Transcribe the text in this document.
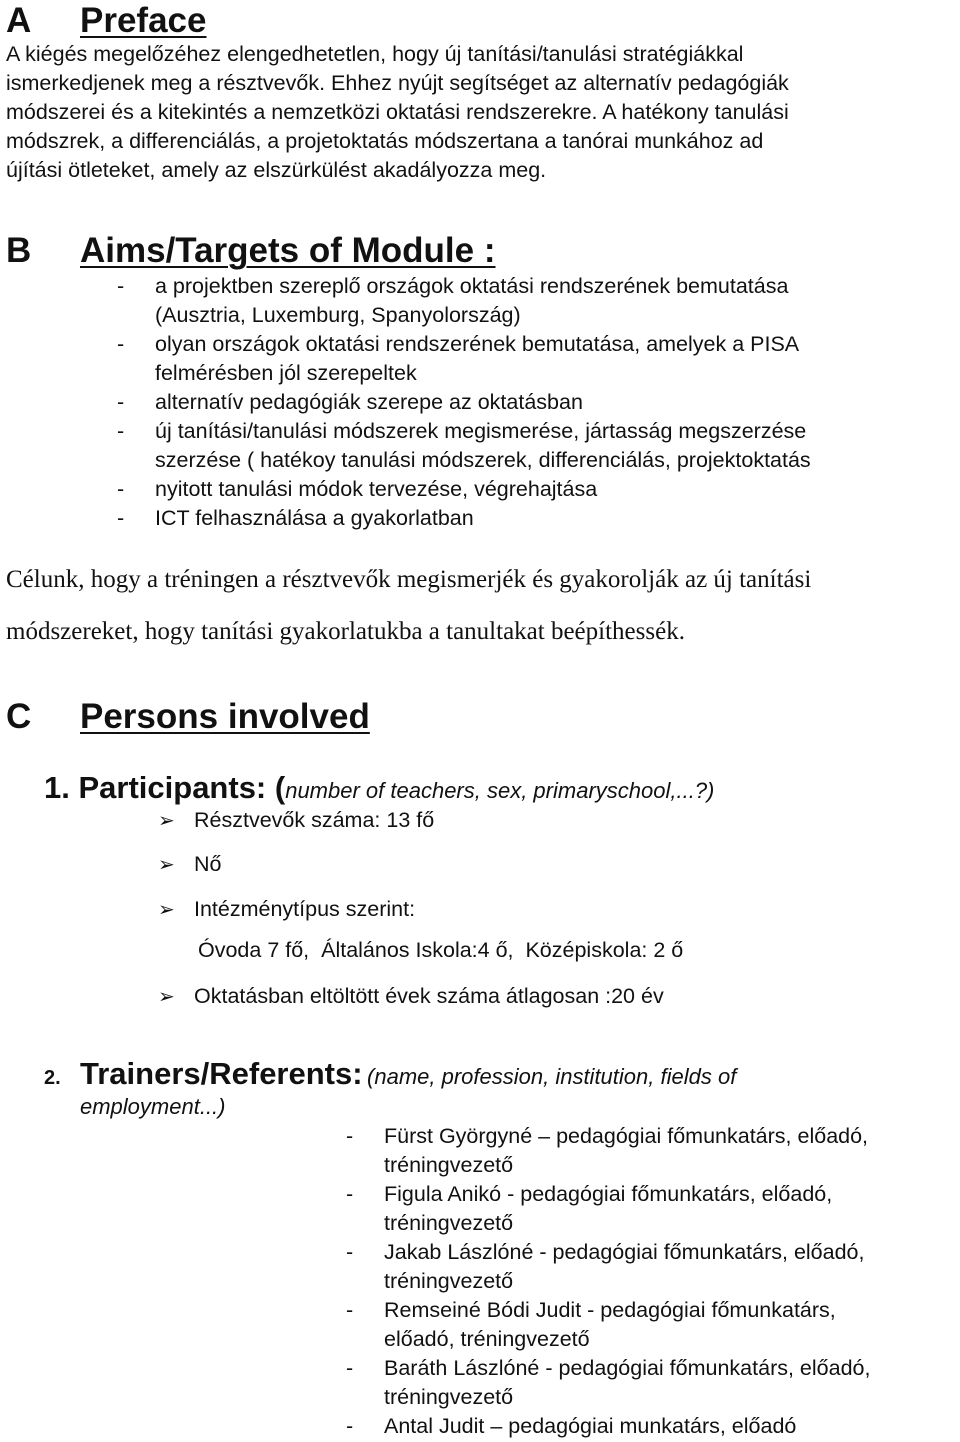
A Preface
A kiégés megelőzéhez elengedhetetlen, hogy új tanítási/tanulási stratégiákkal
ismerkedjenek meg a résztvevők. Ehhez nyújt segítséget az alternatív pedagógiák
módszerei és a kitekintés a nemzetközi oktatási rendszerekre. A hatékony tanulási
módszrek, a differenciálás, a projetoktatás módszertana a tanórai munkához ad
újítási ötleteket, amely az elszürkülést akadályozza meg.
B Aims/Targets of Module :
- a projektben szereplő országok oktatási rendszerének bemutatása
(Ausztria, Luxemburg, Spanyolország)
- olyan országok oktatási rendszerének bemutatása, amelyek a PISA
felmérésben jól szerepeltek
- alternatív pedagógiák szerepe az oktatásban
- új tanítási/tanulási módszerek megismerése, jártasság megszerzése
szerzése ( hatékoy tanulási módszerek, differenciálás, projektoktatás
- nyitott tanulási módok tervezése, végrehajtása
- ICT felhasználása a gyakorlatban
Célunk, hogy a tréningen a résztvevők megismerjék és gyakorolják az új tanítási
módszereket, hogy tanítási gyakorlatukba a tanultakat beépíthessék.
C Persons involved
1. Participants: (number of teachers, sex, primaryschool,...?)
➢ Résztvevők száma: 13 fő
➢ Nő
➢ Intézménytípus szerint:
Óvoda 7 fő,  Általános Iskola:4 ő,  Középiskola: 2 ő
➢ Oktatásban eltöltött évek száma átlagosan :20 év
2. Trainers/Referents: (name, profession, institution, fields of
employment...)
- Fürst Györgyné – pedagógiai főmunkatárs, előadó,
tréningvezető
- Figula Anikó - pedagógiai főmunkatárs, előadó,
tréningvezető
- Jakab Lászlóné - pedagógiai főmunkatárs, előadó,
tréningvezető
- Remseiné Bódi Judit - pedagógiai főmunkatárs,
előadó, tréningvezető
- Baráth Lászlóné - pedagógiai főmunkatárs, előadó,
tréningvezető
- Antal Judit – pedagógiai munkatárs, előadó
